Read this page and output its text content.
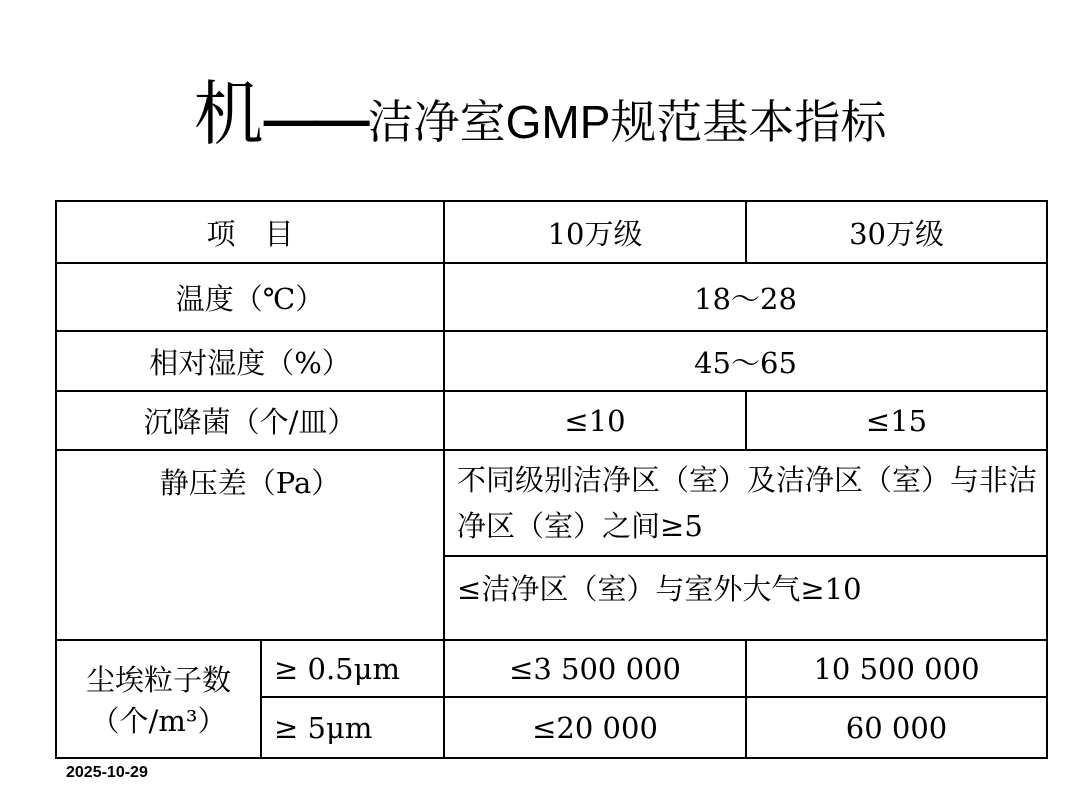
机——洁净室GMP规范基本指标
项　目		10万级	30万级
温度（℃）		18～28	
相对湿度（%）		45～65	
沉降菌（个/皿）		≤10	≤15
静压差（Pa）		不同级别洁净区（室）及洁净区（室）与非洁净区（室）之间≥5	
		≤洁净区（室）与室外大气≥10	

尘埃粒子数
（个/m³）	≥ 0.5μm	≤3 500 000	10 500 000
	≥ 5μm	≤20 000	60 000
2025-10-29
